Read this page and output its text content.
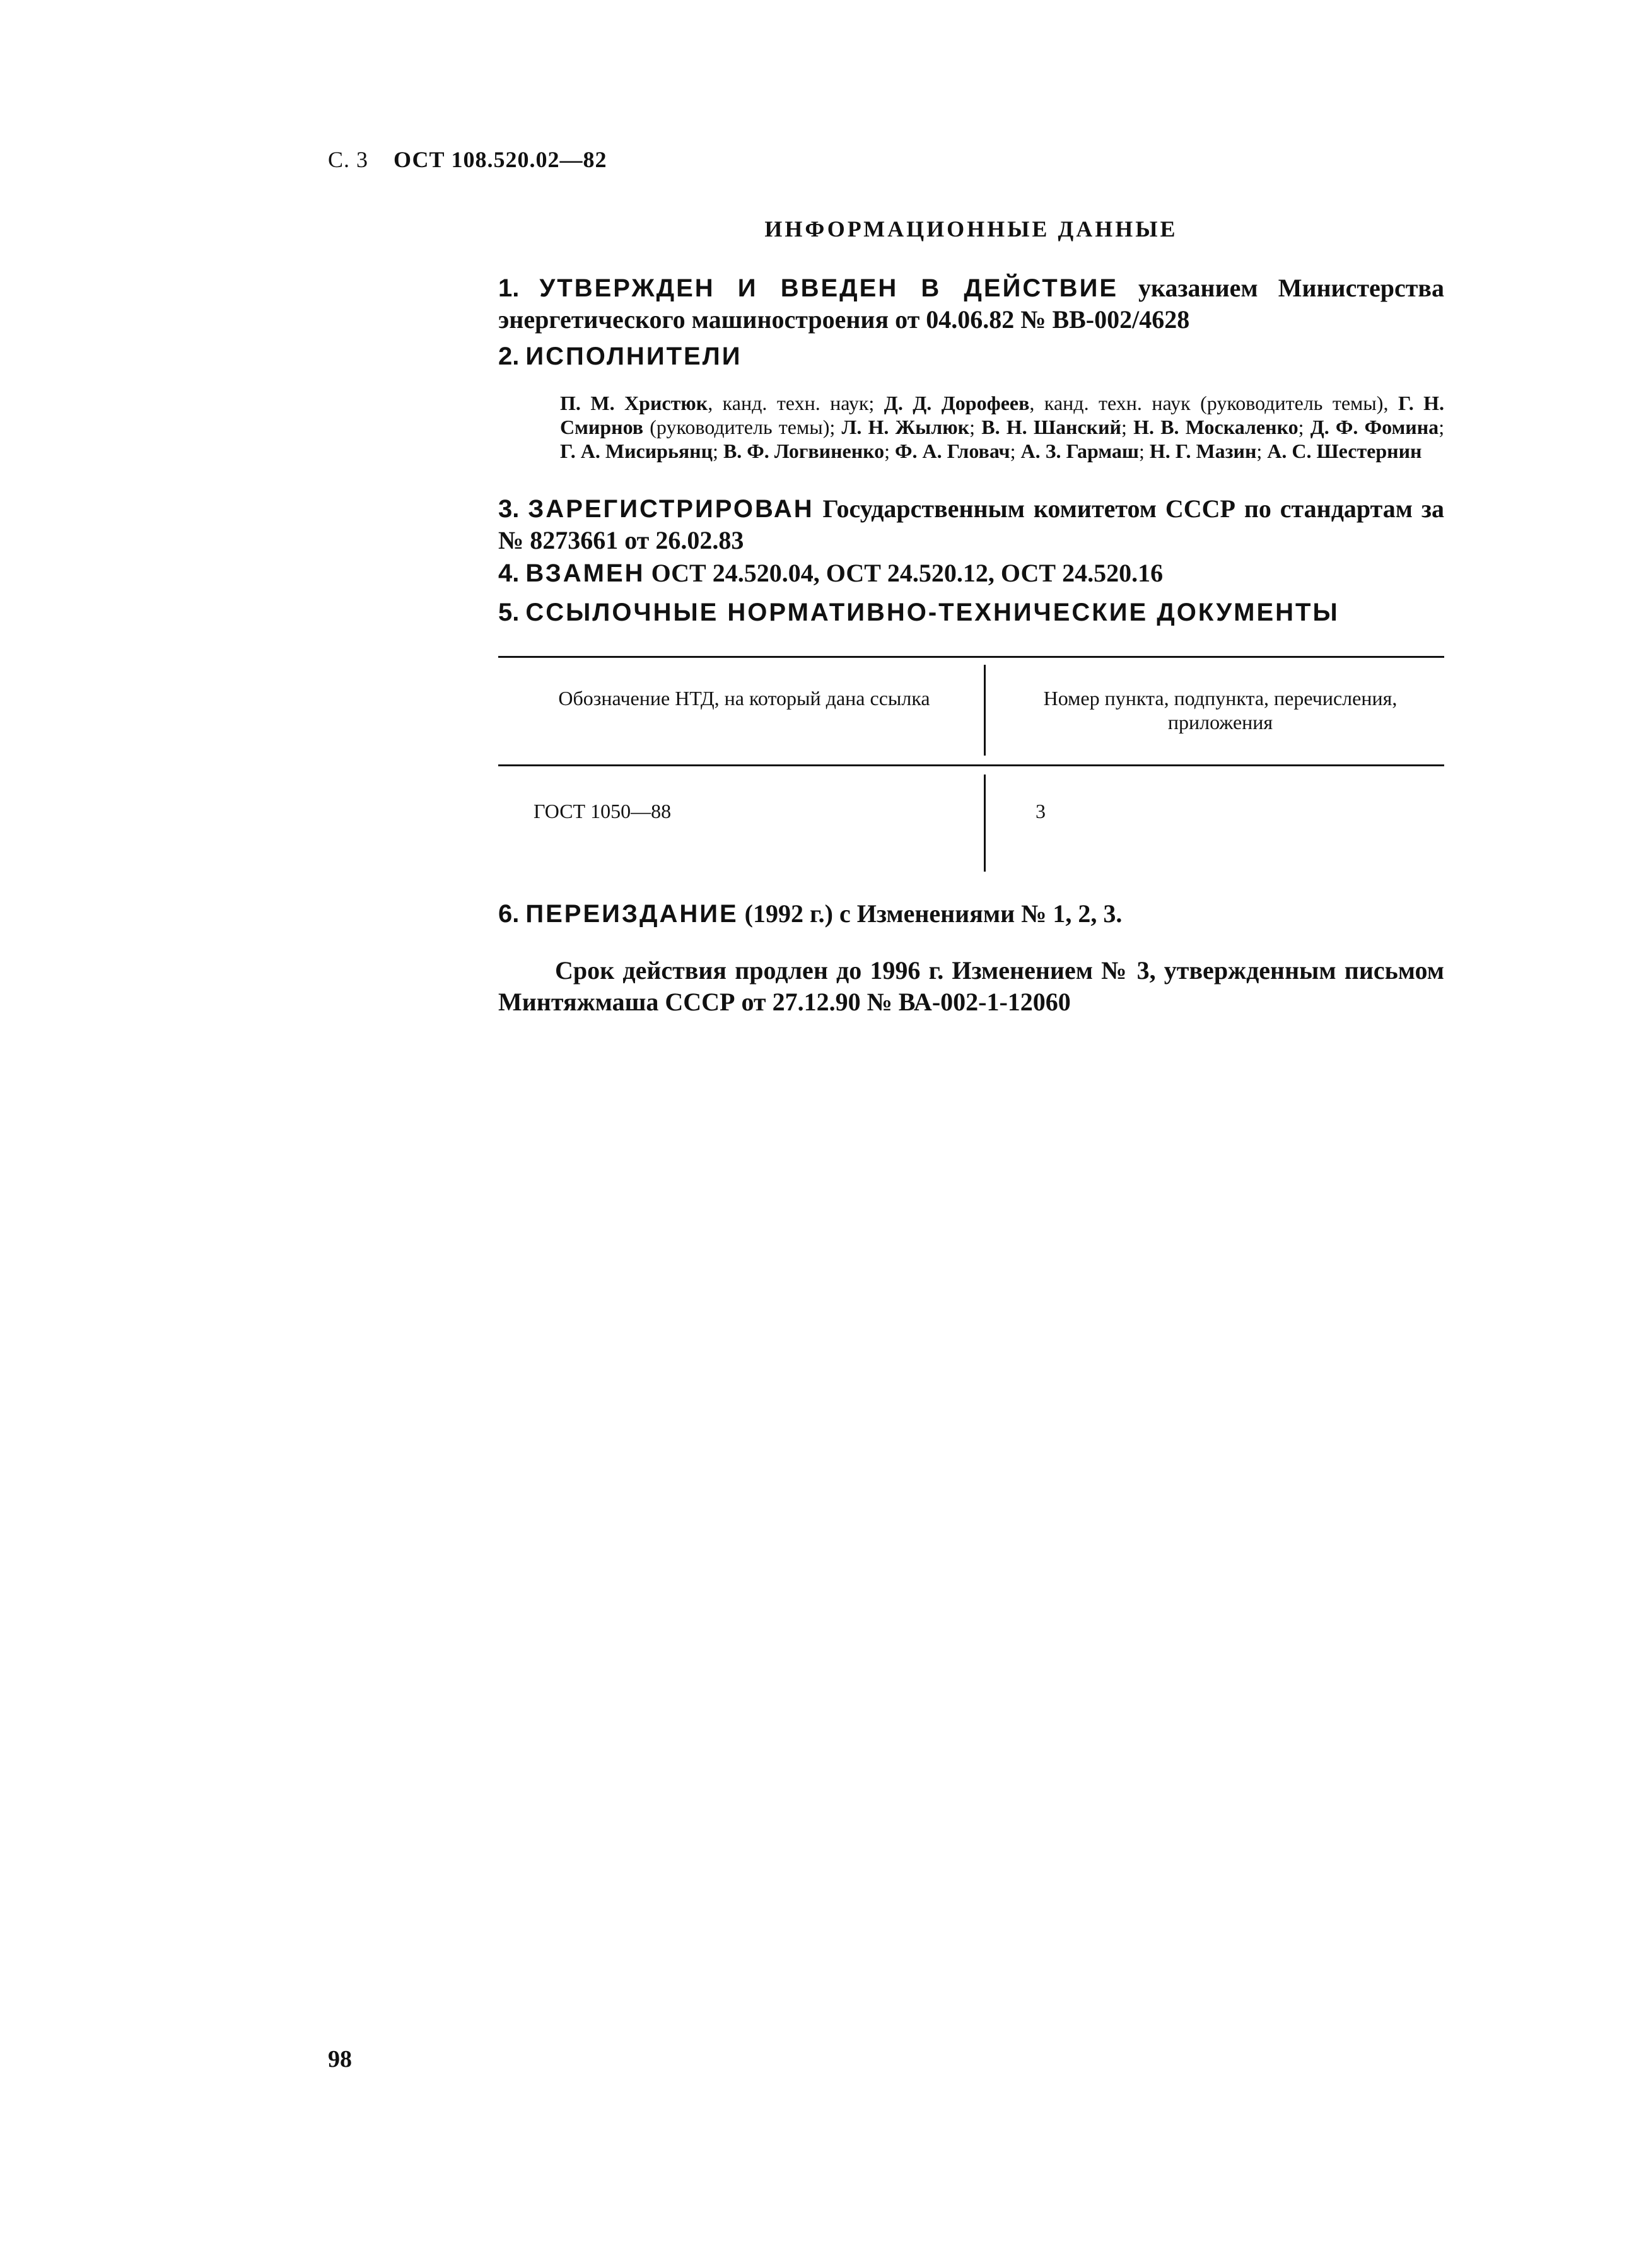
С. 3 ОСТ 108.520.02—82
ИНФОРМАЦИОННЫЕ ДАННЫЕ
1. УТВЕРЖДЕН И ВВЕДЕН В ДЕЙСТВИЕ указанием Министерства энергетического машиностроения от 04.06.82 № ВВ-002/4628
2. ИСПОЛНИТЕЛИ
П. М. Христюк, канд. техн. наук; Д. Д. Дорофеев, канд. техн. наук (руководитель темы), Г. Н. Смирнов (руководитель темы); Л. Н. Жылюк; В. Н. Шанский; Н. В. Москаленко; Д. Ф. Фомина; Г. А. Мисирьянц; В. Ф. Логвиненко; Ф. А. Гловач; А. З. Гармаш; Н. Г. Мазин; А. С. Шестернин
3. ЗАРЕГИСТРИРОВАН Государственным комитетом СССР по стандартам за № 8273661 от 26.02.83
4. ВЗАМЕН ОСТ 24.520.04, ОСТ 24.520.12, ОСТ 24.520.16
5. ССЫЛОЧНЫЕ НОРМАТИВНО-ТЕХНИЧЕСКИЕ ДОКУМЕНТЫ
Обозначение НТД, на который дана ссылка	Номер пункта, подпункта, перечисления, приложения
ГОСТ 1050—88	3
6. ПЕРЕИЗДАНИЕ (1992 г.) с Изменениями № 1, 2, 3.
Срок действия продлен до 1996 г. Изменением № 3, утвержденным письмом Минтяжмаша СССР от 27.12.90 № ВА-002-1-12060
98
